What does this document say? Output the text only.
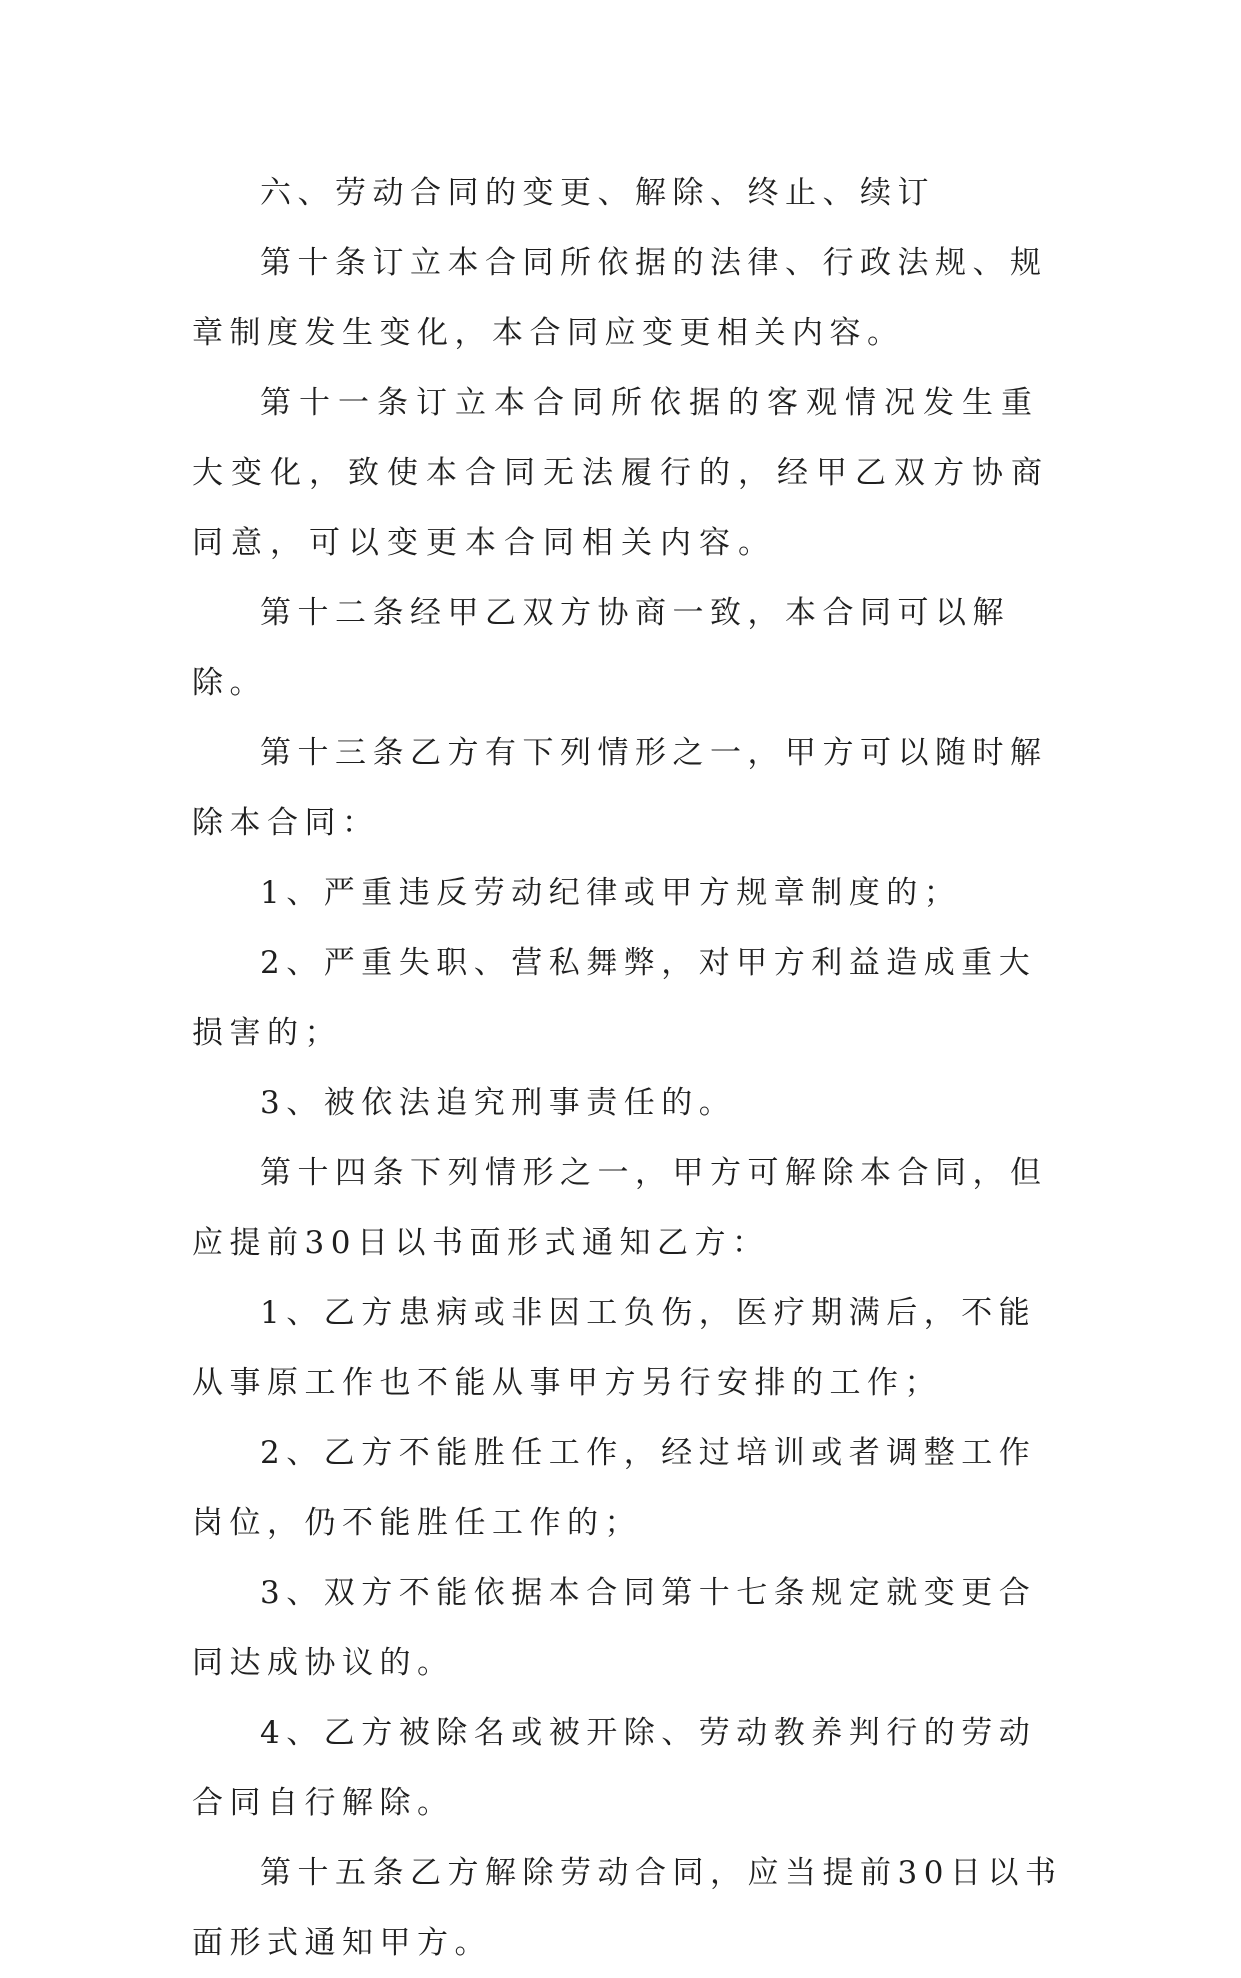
六、劳动合同的变更、解除、终止、续订

第十条订立本合同所依据的法律、行政法规、规章制度发生变化，本合同应变更相关内容。

第十一条订立本合同所依据的客观情况发生重大变化，致使本合同无法履行的，经甲乙双方协商同意，可以变更本合同相关内容。

第十二条经甲乙双方协商一致，本合同可以解除。

第十三条乙方有下列情形之一，甲方可以随时解除本合同：

1、严重违反劳动纪律或甲方规章制度的；

2、严重失职、营私舞弊，对甲方利益造成重大损害的；

3、被依法追究刑事责任的。

第十四条下列情形之一，甲方可解除本合同，但应提前30日以书面形式通知乙方：

1、乙方患病或非因工负伤，医疗期满后，不能从事原工作也不能从事甲方另行安排的工作；

2、乙方不能胜任工作，经过培训或者调整工作岗位，仍不能胜任工作的；

3、双方不能依据本合同第十七条规定就变更合同达成协议的。

4、乙方被除名或被开除、劳动教养判行的劳动合同自行解除。

第十五条乙方解除劳动合同，应当提前30日以书面形式通知甲方。
